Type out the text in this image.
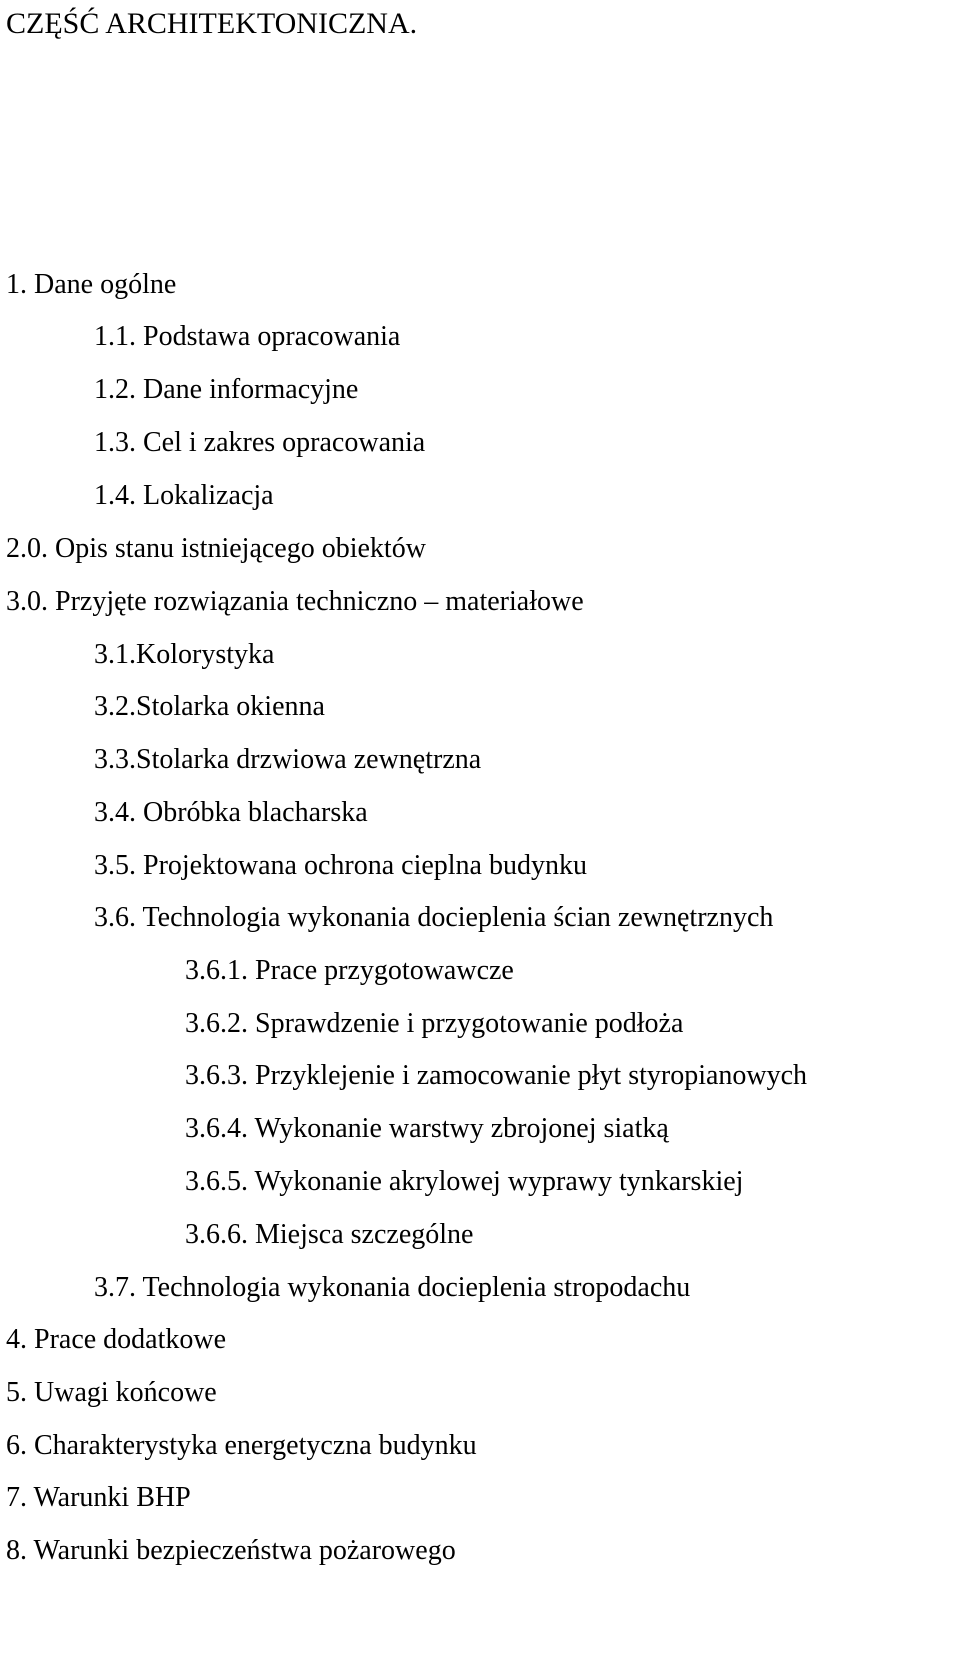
CZĘŚĆ ARCHITEKTONICZNA.
1. Dane ogólne
1.1. Podstawa opracowania
1.2. Dane informacyjne
1.3. Cel i zakres opracowania
1.4. Lokalizacja
2.0. Opis stanu istniejącego obiektów
3.0. Przyjęte rozwiązania techniczno – materiałowe
3.1.Kolorystyka
3.2.Stolarka okienna
3.3.Stolarka drzwiowa zewnętrzna
3.4. Obróbka blacharska
3.5. Projektowana ochrona cieplna budynku
3.6. Technologia wykonania docieplenia ścian zewnętrznych
3.6.1. Prace przygotowawcze
3.6.2. Sprawdzenie i przygotowanie podłoża
3.6.3. Przyklejenie i zamocowanie płyt styropianowych
3.6.4. Wykonanie warstwy zbrojonej siatką
3.6.5. Wykonanie akrylowej wyprawy tynkarskiej
3.6.6. Miejsca szczególne
3.7. Technologia wykonania docieplenia stropodachu
4. Prace dodatkowe
5. Uwagi końcowe
6. Charakterystyka energetyczna budynku
7. Warunki BHP
8. Warunki bezpieczeństwa pożarowego
